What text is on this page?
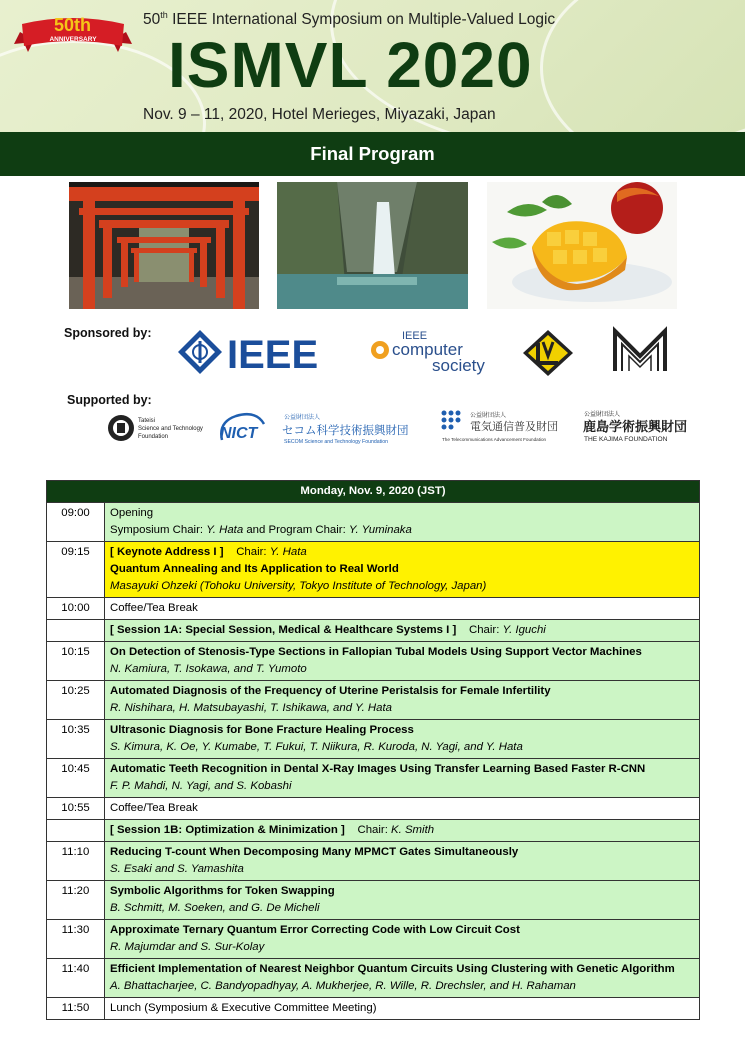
50th
ANNIVERSARY
50th IEEE International Symposium on Multiple-Valued Logic
ISMVL 2020
Nov. 9 – 11, 2020, Hotel Merieges, Miyazaki, Japan
Final Program
Sponsored by: IEEE	IEEE
computer
society
Supported by:
Tateisi
Science and Technology
Foundation	NICT
公益財団法人
セコム科学技術振興財団
SECOM Science and Technology Foundation
公益財団法人
電気通信普及財団
The Telecommunications Advancement Foundation
公益財団法人
鹿島学術振興財団
THE KAJIMA FOUNDATION
Monday, Nov. 9, 2020 (JST)	
09:00	Opening
Symposium Chair: Y. Hata and Program Chair: Y. Yuminaka

09:15	[ Keynote Address I ] Chair: Y. Hata
Quantum Annealing and Its Application to Real World
Masayuki Ohzeki (Tohoku University, Tokyo Institute of Technology, Japan)

10:00	Coffee/Tea Break
	[ Session 1A: Special Session, Medical & Healthcare Systems I ] Chair: Y. Iguchi
10:15	On Detection of Stenosis-Type Sections in Fallopian Tubal Models Using Support Vector Machines
N. Kamiura, T. Isokawa, and T. Yumoto

10:25	Automated Diagnosis of the Frequency of Uterine Peristalsis for Female Infertility
R. Nishihara, H. Matsubayashi, T. Ishikawa, and Y. Hata

10:35	Ultrasonic Diagnosis for Bone Fracture Healing Process
S. Kimura, K. Oe, Y. Kumabe, T. Fukui, T. Niikura, R. Kuroda, N. Yagi, and Y. Hata

10:45	Automatic Teeth Recognition in Dental X-Ray Images Using Transfer Learning Based Faster R-CNN
F. P. Mahdi, N. Yagi, and S. Kobashi

10:55	Coffee/Tea Break
	[ Session 1B: Optimization & Minimization ] Chair: K. Smith
11:10	Reducing T-count When Decomposing Many MPMCT Gates Simultaneously
S. Esaki and S. Yamashita

11:20	Symbolic Algorithms for Token Swapping
B. Schmitt, M. Soeken, and G. De Micheli

11:30	Approximate Ternary Quantum Error Correcting Code with Low Circuit Cost
R. Majumdar and S. Sur-Kolay

11:40	Efficient Implementation of Nearest Neighbor Quantum Circuits Using Clustering with Genetic Algorithm
A. Bhattacharjee, C. Bandyopadhyay, A. Mukherjee, R. Wille, R. Drechsler, and H. Rahaman

11:50	Lunch (Symposium & Executive Committee Meeting)
